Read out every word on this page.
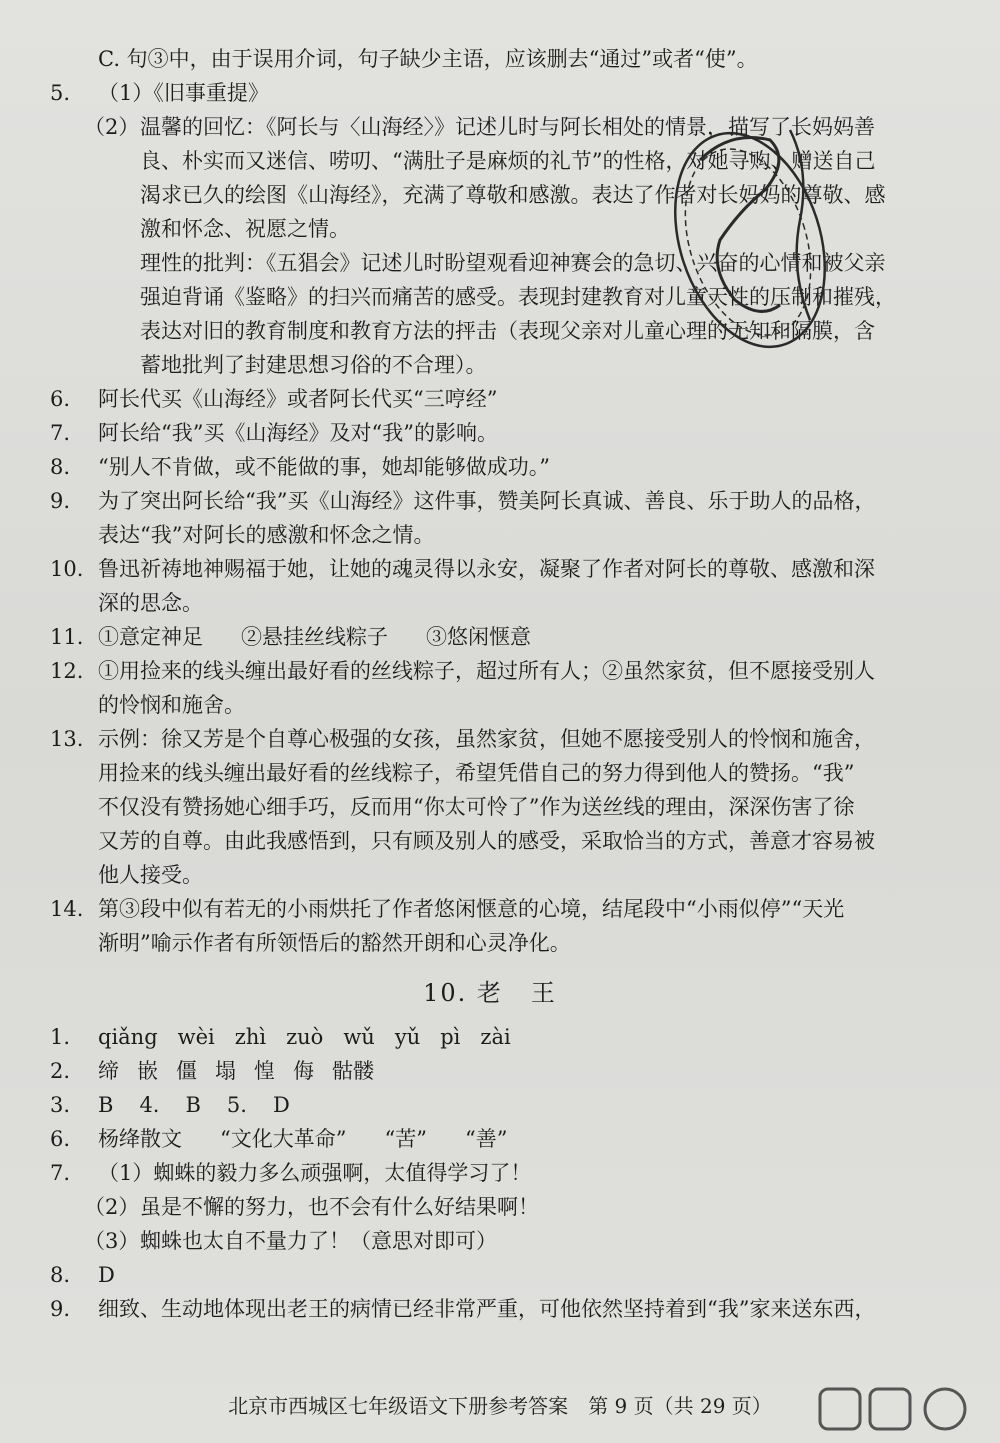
C. 句③中，由于误用介词，句子缺少主语，应该删去“通过”或者“使”。
5.	（1）《旧事重提》
（2） 温馨的回忆：《阿长与〈山海经〉》记述儿时与阿长相处的情景，描写了长妈妈善
良、朴实而又迷信、唠叨、“满肚子是麻烦的礼节”的性格，对她寻购、赠送自己
渴求已久的绘图《山海经》，充满了尊敬和感激。表达了作者对长妈妈的尊敬、感
激和怀念、祝愿之情。
理性的批判：《五猖会》记述儿时盼望观看迎神赛会的急切、兴奋的心情和被父亲
强迫背诵《鉴略》的扫兴而痛苦的感受。表现封建教育对儿童天性的压制和摧残，
表达对旧的教育制度和教育方法的抨击（表现父亲对儿童心理的无知和隔膜，含
蓄地批判了封建思想习俗的不合理）。
6.	阿长代买《山海经》或者阿长代买“三哼经”
7.	阿长给“我”买《山海经》及对“我”的影响。
8.	“别人不肯做，或不能做的事，她却能够做成功。”
9.	为了突出阿长给“我”买《山海经》这件事，赞美阿长真诚、善良、乐于助人的品格，
表达“我”对阿长的感激和怀念之情。
10. 鲁迅祈祷地神赐福于她，让她的魂灵得以永安，凝聚了作者对阿长的尊敬、感激和深
深的思念。
11. ①意定神足 ②悬挂丝线粽子 ③悠闲惬意
12. ①用捡来的线头缠出最好看的丝线粽子，超过所有人；②虽然家贫，但不愿接受别人
的怜悯和施舍。
13. 示例：徐又芳是个自尊心极强的女孩，虽然家贫，但她不愿接受别人的怜悯和施舍，
用捡来的线头缠出最好看的丝线粽子，希望凭借自己的努力得到他人的赞扬。“我”
不仅没有赞扬她心细手巧，反而用“你太可怜了”作为送丝线的理由，深深伤害了徐
又芳的自尊。由此我感悟到，只有顾及别人的感受，采取恰当的方式，善意才容易被
他人接受。
14. 第③段中似有若无的小雨烘托了作者悠闲惬意的心境，结尾段中“小雨似停”“天光
渐明”喻示作者有所领悟后的豁然开朗和心灵净化。
10. 老 王
1.	qiǎng wèi zhì zuò wǔ yǔ pì zài
2.	缔 嵌 僵 塌 惶 侮 骷髅
3.	B 4. B 5. D
6.	杨绛散文 “文化大革命” “苦” “善”
7.	（1）蜘蛛的毅力多么顽强啊，太值得学习了！
（2） 虽是不懈的努力，也不会有什么好结果啊！
（3） 蜘蛛也太自不量力了！（意思对即可）
8.	D
9.	细致、生动地体现出老王的病情已经非常严重，可他依然坚持着到“我”家来送东西，
北京市西城区七年级语文下册参考答案 第 9 页（共 29 页）
